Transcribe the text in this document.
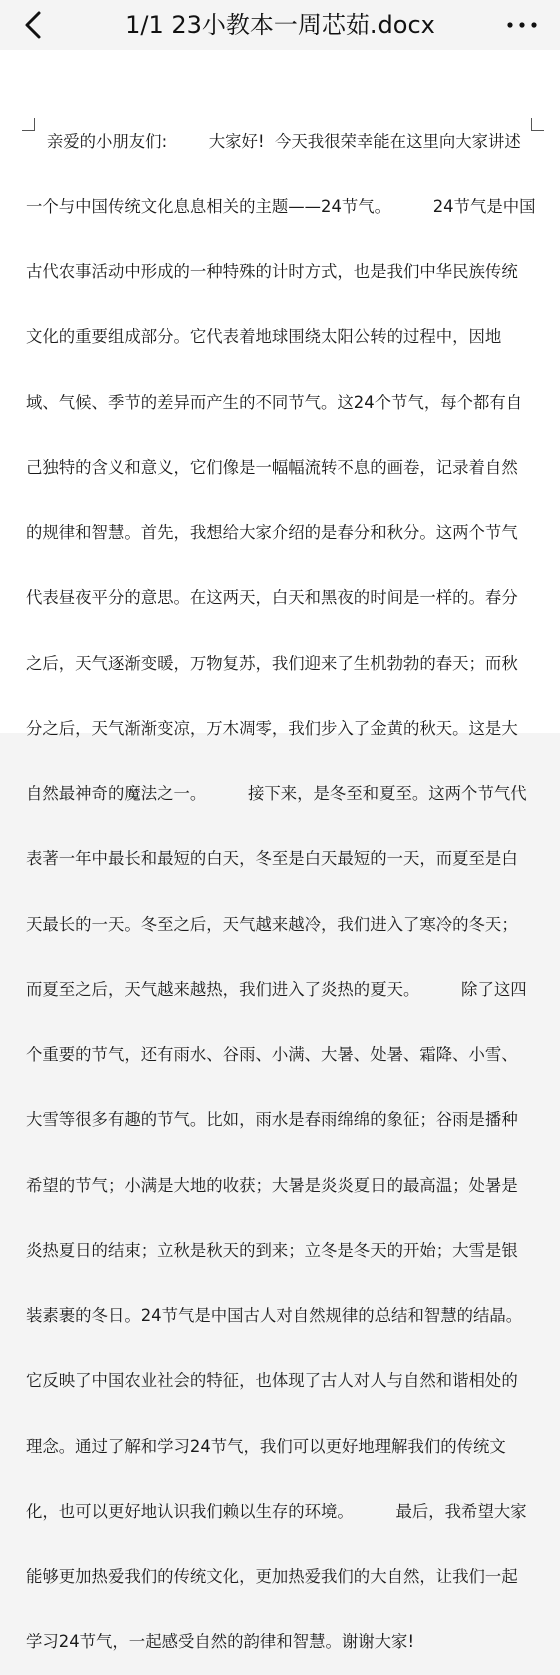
1/1 23小教本一周芯茹.docx

亲爱的小朋友们:        大家好!  今天我很荣幸能在这里向大家讲述

一个与中国传统文化息息相关的主题——24节气。        24节气是中国

古代农事活动中形成的一种特殊的计时方式，也是我们中华民族传统

文化的重要组成部分。它代表着地球围绕太阳公转的过程中，因地

域、气候、季节的差异而产生的不同节气。这24个节气，每个都有自

己独特的含义和意义，它们像是一幅幅流转不息的画卷，记录着自然

的规律和智慧。首先，我想给大家介绍的是春分和秋分。这两个节气

代表昼夜平分的意思。在这两天，白天和黑夜的时间是一样的。春分

之后，天气逐渐变暖，万物复苏，我们迎来了生机勃勃的春天；而秋

分之后，天气渐渐变凉，万木凋零，我们步入了金黄的秋天。这是大

自然最神奇的魔法之一。        接下来，是冬至和夏至。这两个节气代

表著一年中最长和最短的白天，冬至是白天最短的一天，而夏至是白

天最长的一天。冬至之后，天气越来越冷，我们进入了寒冷的冬天；

而夏至之后，天气越来越热，我们进入了炎热的夏天。        除了这四

个重要的节气，还有雨水、谷雨、小满、大暑、处暑、霜降、小雪、

大雪等很多有趣的节气。比如，雨水是春雨绵绵的象征；谷雨是播种

希望的节气；小满是大地的收获；大暑是炎炎夏日的最高温；处暑是

炎热夏日的结束；立秋是秋天的到来；立冬是冬天的开始；大雪是银

装素裹的冬日。24节气是中国古人对自然规律的总结和智慧的结晶。

它反映了中国农业社会的特征，也体现了古人对人与自然和谐相处的

理念。通过了解和学习24节气，我们可以更好地理解我们的传统文

化，也可以更好地认识我们赖以生存的环境。        最后，我希望大家

能够更加热爱我们的传统文化，更加热爱我们的大自然，让我们一起

学习24节气，一起感受自然的韵律和智慧。谢谢大家!
